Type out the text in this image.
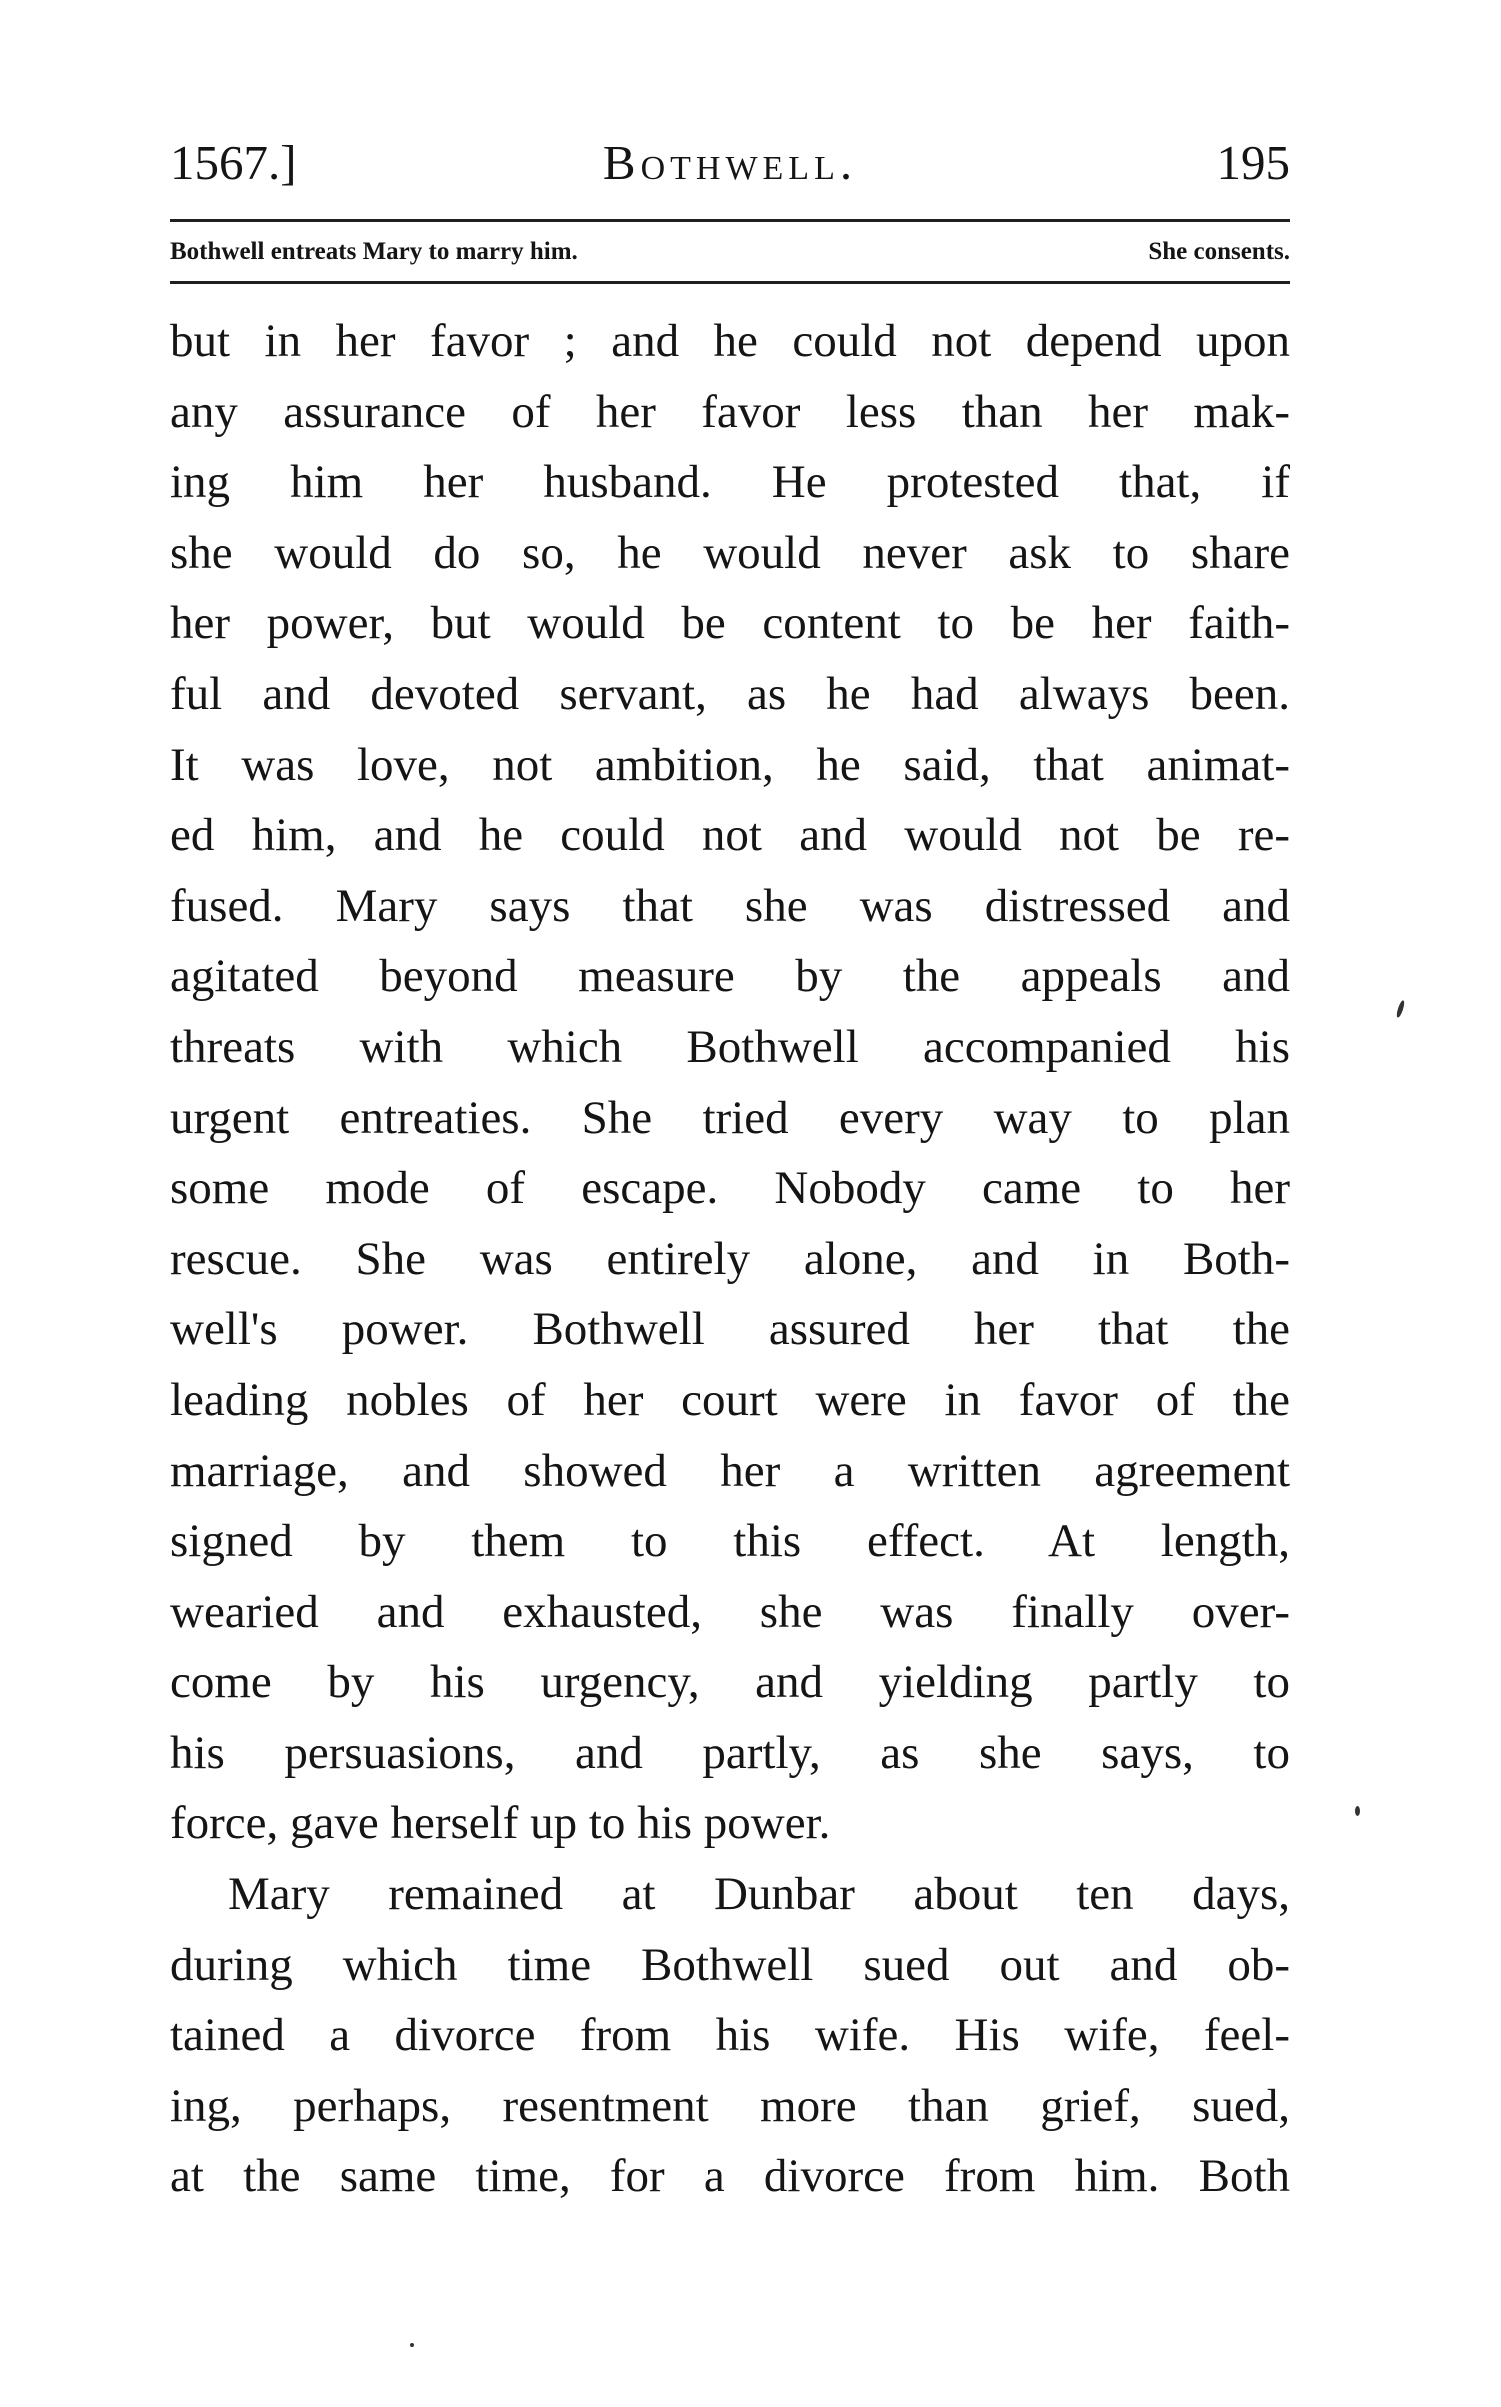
1567.]	Bothwell.	195
Bothwell entreats Mary to marry him.	She consents.
but in her favor ; and he could not depend upon
any assurance of her favor less than her mak-
ing him her husband. He protested that, if
she would do so, he would never ask to share
her power, but would be content to be her faith-
ful and devoted servant, as he had always been.
It was love, not ambition, he said, that animat-
ed him, and he could not and would not be re-
fused. Mary says that she was distressed and
agitated beyond measure by the appeals and
threats with which Bothwell accompanied his
urgent entreaties. She tried every way to plan
some mode of escape. Nobody came to her
rescue. She was entirely alone, and in Both-
well's power. Bothwell assured her that the
leading nobles of her court were in favor of the
marriage, and showed her a written agreement
signed by them to this effect. At length,
wearied and exhausted, she was finally over-
come by his urgency, and yielding partly to
his persuasions, and partly, as she says, to
force, gave herself up to his power.
Mary remained at Dunbar about ten days,
during which time Bothwell sued out and ob-
tained a divorce from his wife. His wife, feel-
ing, perhaps, resentment more than grief, sued,
at the same time, for a divorce from him. Both
